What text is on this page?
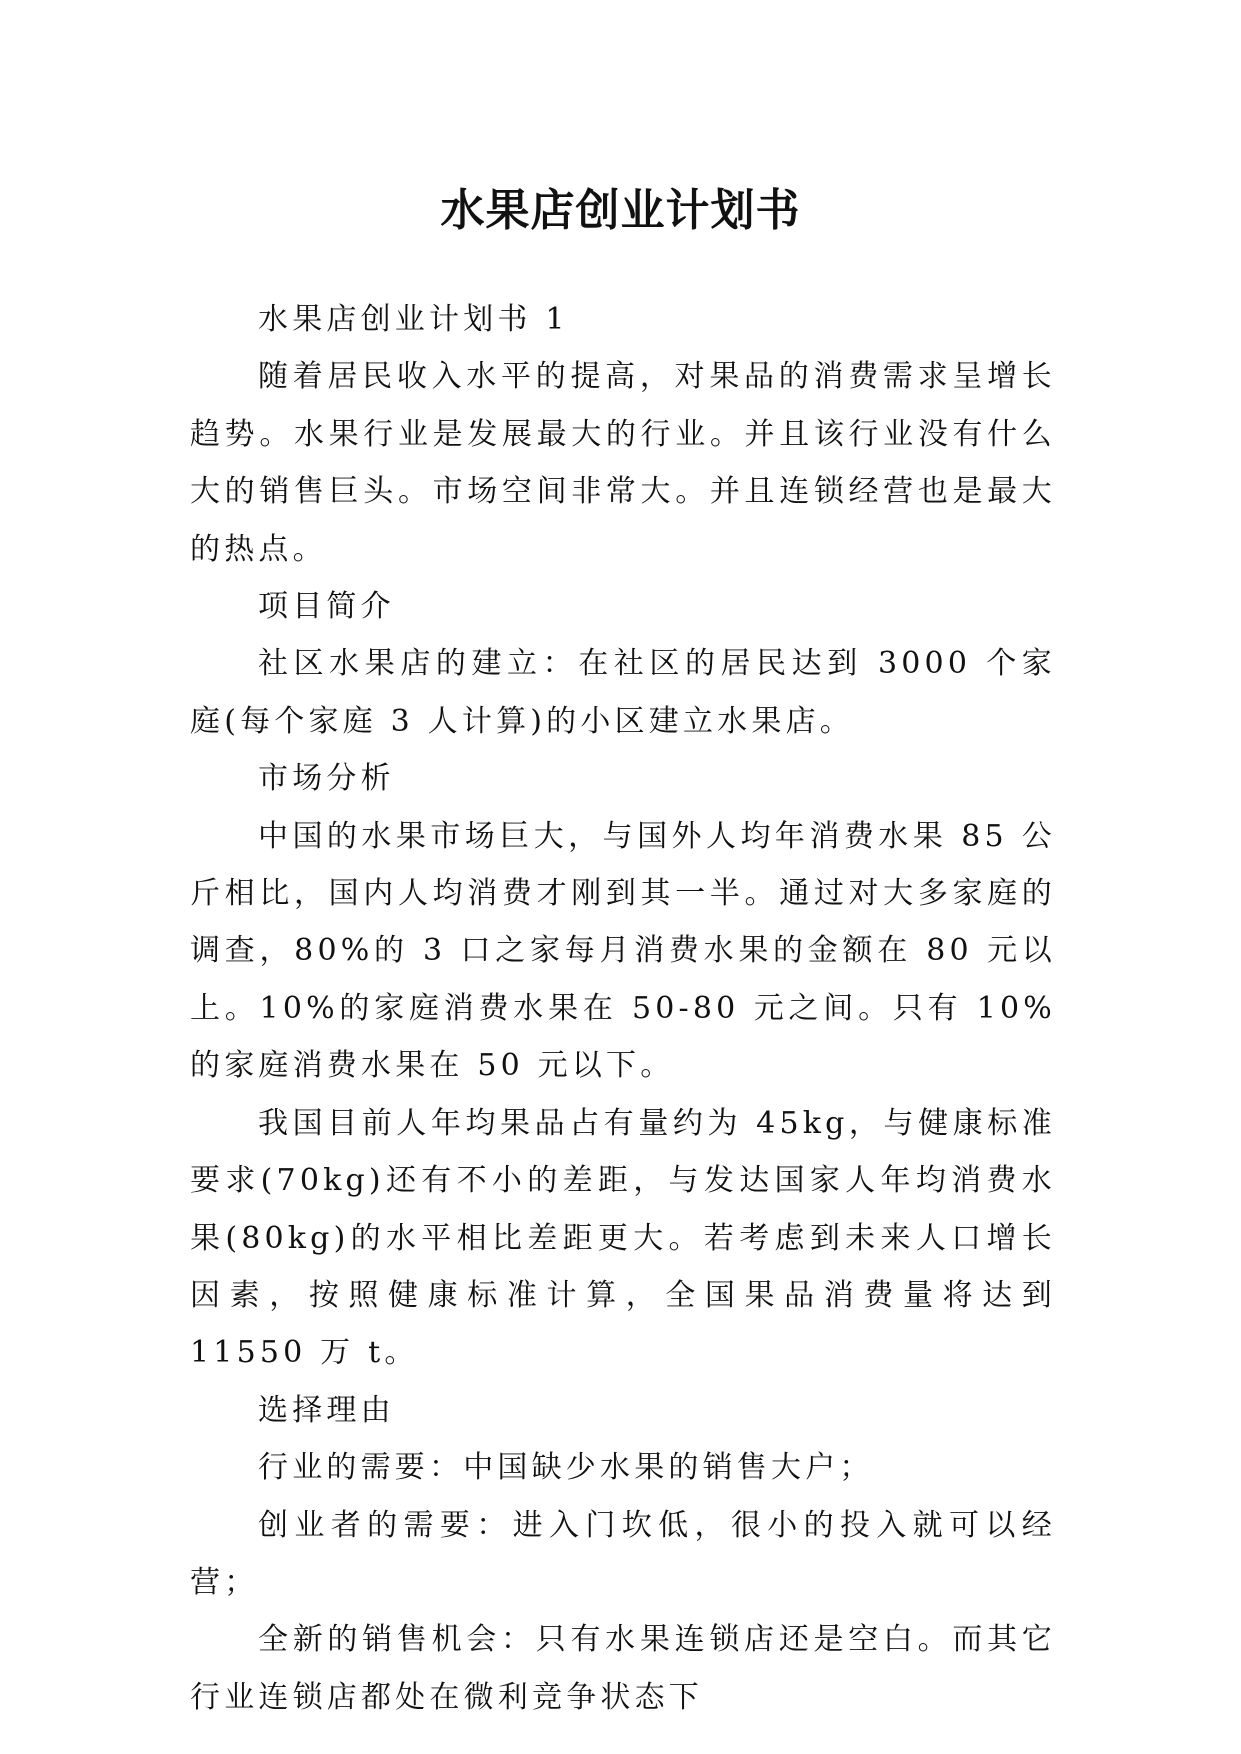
水果店创业计划书

水果店创业计划书 1

随着居民收入水平的提高，对果品的消费需求呈增长趋势。水果行业是发展最大的行业。并且该行业没有什么大的销售巨头。市场空间非常大。并且连锁经营也是最大的热点。

项目简介

社区水果店的建立：在社区的居民达到 3000 个家庭(每个家庭 3 人计算)的小区建立水果店。

市场分析

中国的水果市场巨大，与国外人均年消费水果 85 公斤相比，国内人均消费才刚到其一半。通过对大多家庭的调查，80%的 3 口之家每月消费水果的金额在 80 元以上。10%的家庭消费水果在 50-80 元之间。只有 10%的家庭消费水果在 50 元以下。

我国目前人年均果品占有量约为 45kg，与健康标准要求(70kg)还有不小的差距，与发达国家人年均消费水果(80kg)的水平相比差距更大。若考虑到未来人口增长因素，按照健康标准计算，全国果品消费量将达到 11550 万 t。

选择理由

行业的需要：中国缺少水果的销售大户；

创业者的需要：进入门坎低，很小的投入就可以经营；

全新的销售机会：只有水果连锁店还是空白。而其它行业连锁店都处在微利竞争状态下
